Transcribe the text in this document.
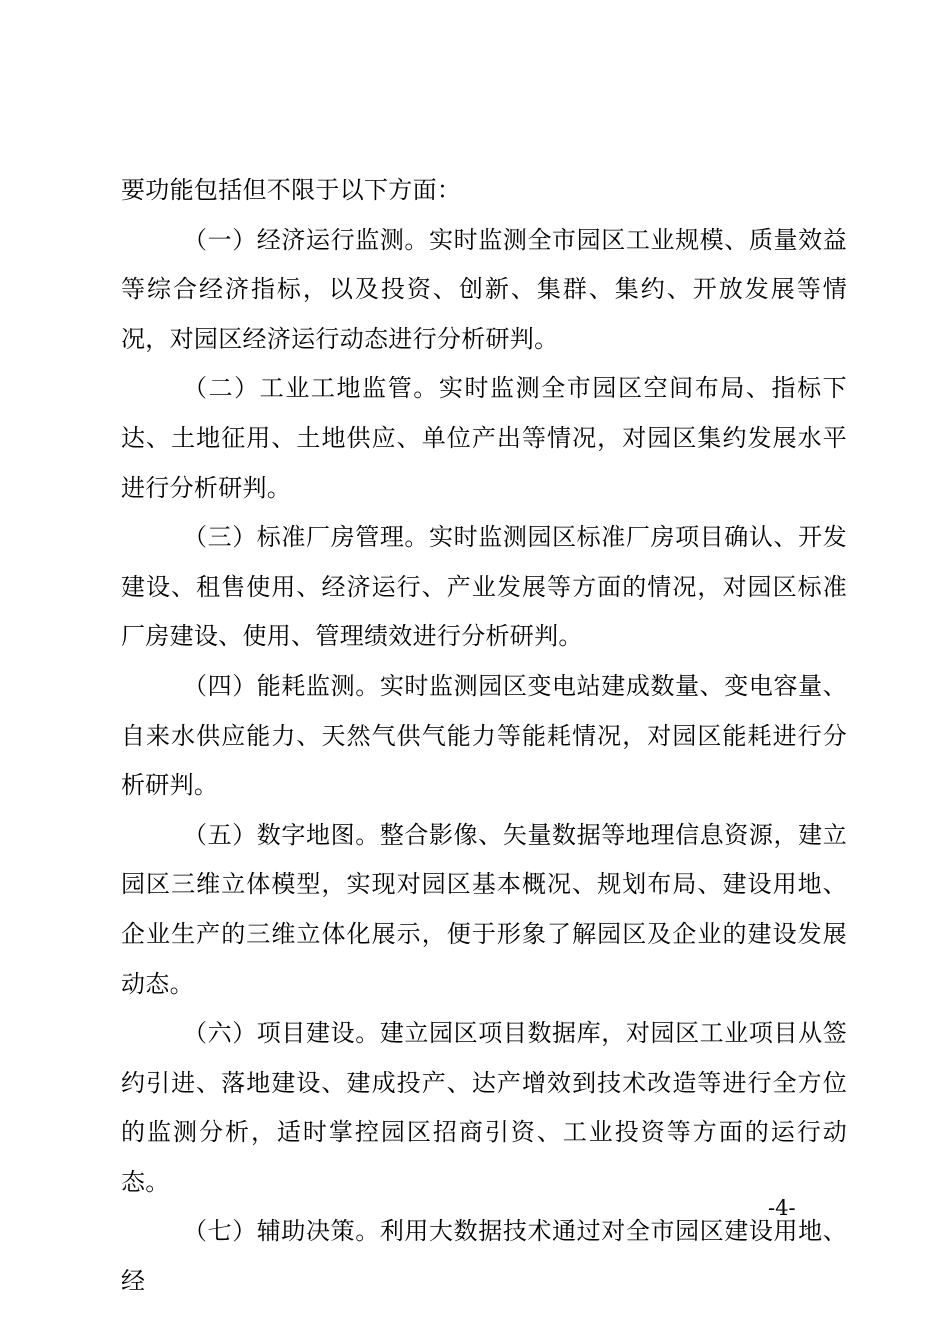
要功能包括但不限于以下方面：

（一）经济运行监测。实时监测全市园区工业规模、质量效益等综合经济指标，以及投资、创新、集群、集约、开放发展等情况，对园区经济运行动态进行分析研判。

（二）工业工地监管。实时监测全市园区空间布局、指标下达、土地征用、土地供应、单位产出等情况，对园区集约发展水平进行分析研判。

（三）标准厂房管理。实时监测园区标准厂房项目确认、开发建设、租售使用、经济运行、产业发展等方面的情况，对园区标准厂房建设、使用、管理绩效进行分析研判。

（四）能耗监测。实时监测园区变电站建成数量、变电容量、自来水供应能力、天然气供气能力等能耗情况，对园区能耗进行分析研判。

（五）数字地图。整合影像、矢量数据等地理信息资源，建立园区三维立体模型，实现对园区基本概况、规划布局、建设用地、企业生产的三维立体化展示，便于形象了解园区及企业的建设发展动态。

（六）项目建设。建立园区项目数据库，对园区工业项目从签约引进、落地建设、建成投产、达产增效到技术改造等进行全方位的监测分析，适时掌控园区招商引资、工业投资等方面的运行动态。

（七）辅助决策。利用大数据技术通过对全市园区建设用地、经

-4-
